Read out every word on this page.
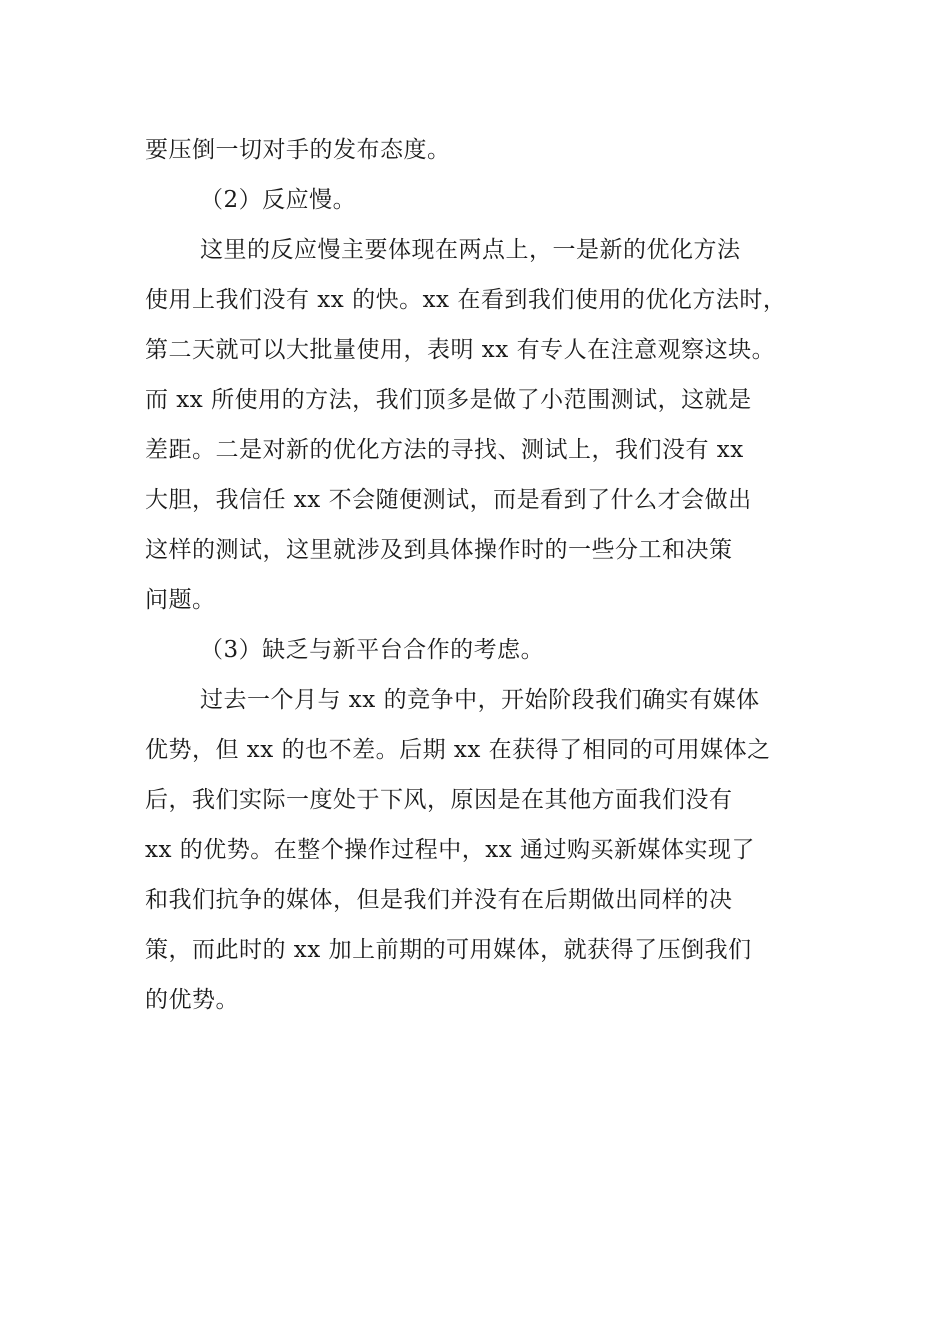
要压倒一切对手的发布态度。
（2）反应慢。
这里的反应慢主要体现在两点上，一是新的优化方法
使用上我们没有 xx 的快。xx 在看到我们使用的优化方法时，
第二天就可以大批量使用，表明 xx 有专人在注意观察这块。
而 xx 所使用的方法，我们顶多是做了小范围测试，这就是
差距。二是对新的优化方法的寻找、测试上，我们没有 xx
大胆，我信任 xx 不会随便测试，而是看到了什么才会做出
这样的测试，这里就涉及到具体操作时的一些分工和决策
问题。
（3）缺乏与新平台合作的考虑。
过去一个月与 xx 的竞争中，开始阶段我们确实有媒体
优势，但 xx 的也不差。后期 xx 在获得了相同的可用媒体之
后，我们实际一度处于下风，原因是在其他方面我们没有
xx 的优势。在整个操作过程中，xx 通过购买新媒体实现了
和我们抗争的媒体，但是我们并没有在后期做出同样的决
策，而此时的 xx 加上前期的可用媒体，就获得了压倒我们
的优势。
